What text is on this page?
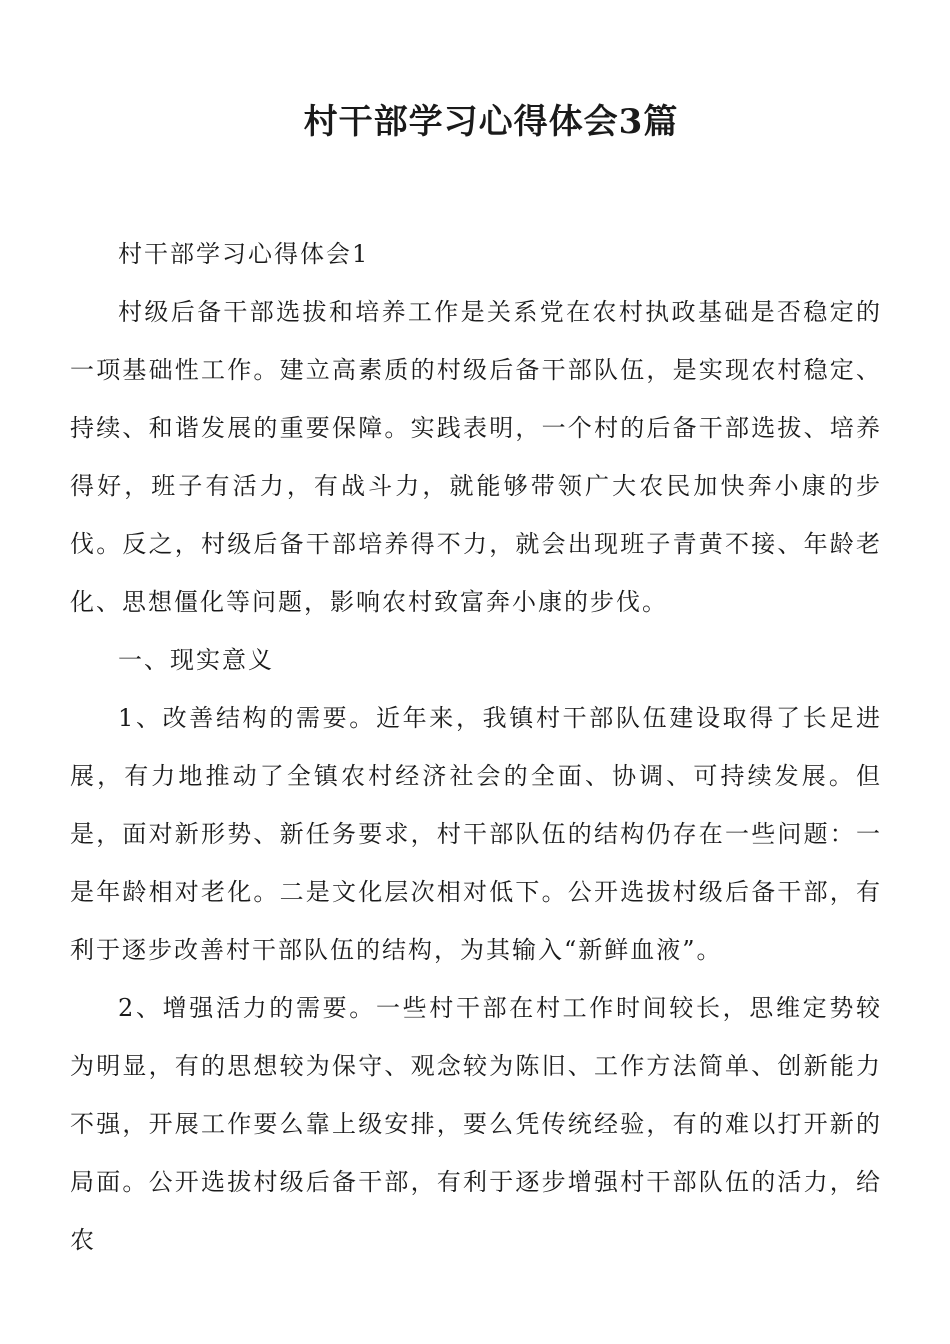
村干部学习心得体会3篇

村干部学习心得体会1

村级后备干部选拔和培养工作是关系党在农村执政基础是否稳定的一项基础性工作。建立高素质的村级后备干部队伍，是实现农村稳定、持续、和谐发展的重要保障。实践表明，一个村的后备干部选拔、培养得好，班子有活力，有战斗力，就能够带领广大农民加快奔小康的步伐。反之，村级后备干部培养得不力，就会出现班子青黄不接、年龄老化、思想僵化等问题，影响农村致富奔小康的步伐。

一、现实意义

1、改善结构的需要。近年来，我镇村干部队伍建设取得了长足进展，有力地推动了全镇农村经济社会的全面、协调、可持续发展。但是，面对新形势、新任务要求，村干部队伍的结构仍存在一些问题：一是年龄相对老化。二是文化层次相对低下。公开选拔村级后备干部，有利于逐步改善村干部队伍的结构，为其输入“新鲜血液”。

2、增强活力的需要。一些村干部在村工作时间较长，思维定势较为明显，有的思想较为保守、观念较为陈旧、工作方法简单、创新能力不强，开展工作要么靠上级安排，要么凭传统经验，有的难以打开新的局面。公开选拔村级后备干部，有利于逐步增强村干部队伍的活力，给农
